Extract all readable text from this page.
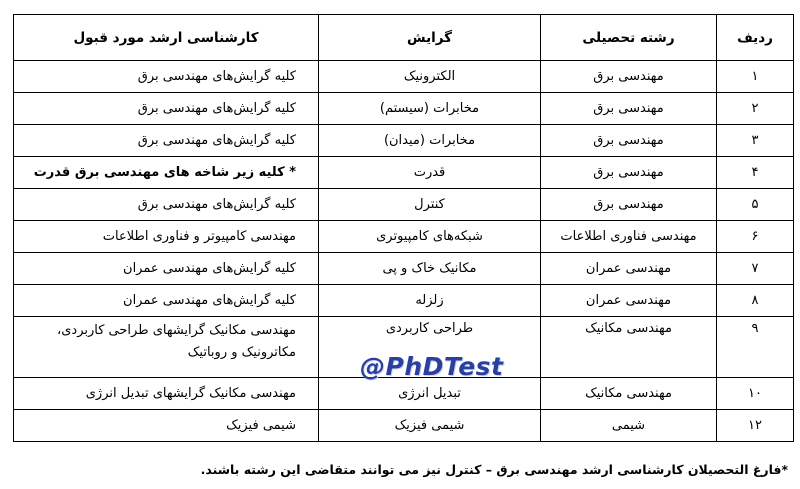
ردیف	رشته تحصیلی	گرایش	کارشناسی ارشد مورد قبول
۱	مهندسی برق	الکترونیک	کلیه گرایش‌های مهندسی برق
۲	مهندسی برق	مخابرات (سیستم)	کلیه گرایش‌های مهندسی برق
۳	مهندسی برق	مخابرات (میدان)	کلیه گرایش‌های مهندسی برق
۴	مهندسی برق	قدرت	* کلیه زیر شاخه های مهندسی برق قدرت
۵	مهندسی برق	کنترل	کلیه گرایش‌های مهندسی برق
۶	مهندسی فناوری اطلاعات	شبکه‌های کامپیوتری	مهندسی کامپیوتر و فناوری اطلاعات
۷	مهندسی عمران	مکانیک خاک و پی	کلیه گرایش‌های مهندسی عمران
۸	مهندسی عمران	زلزله	کلیه گرایش‌های مهندسی عمران
۹	مهندسی مکانیک	طراحی کاربردی	مهندسی مکانیک گرایشهای طراحی کاربردی، مکاترونیک و روباتیک
۱۰	مهندسی مکانیک	تبدیل انرژی	مهندسی مکانیک گرایشهای تبدیل انرژی
۱۲	شیمی	شیمی فیزیک	شیمی فیزیک
@PhDTest
*فارغ التحصیلان کارشناسی ارشد مهندسی برق – کنترل نیز می توانند متقاضی این رشته باشند.
